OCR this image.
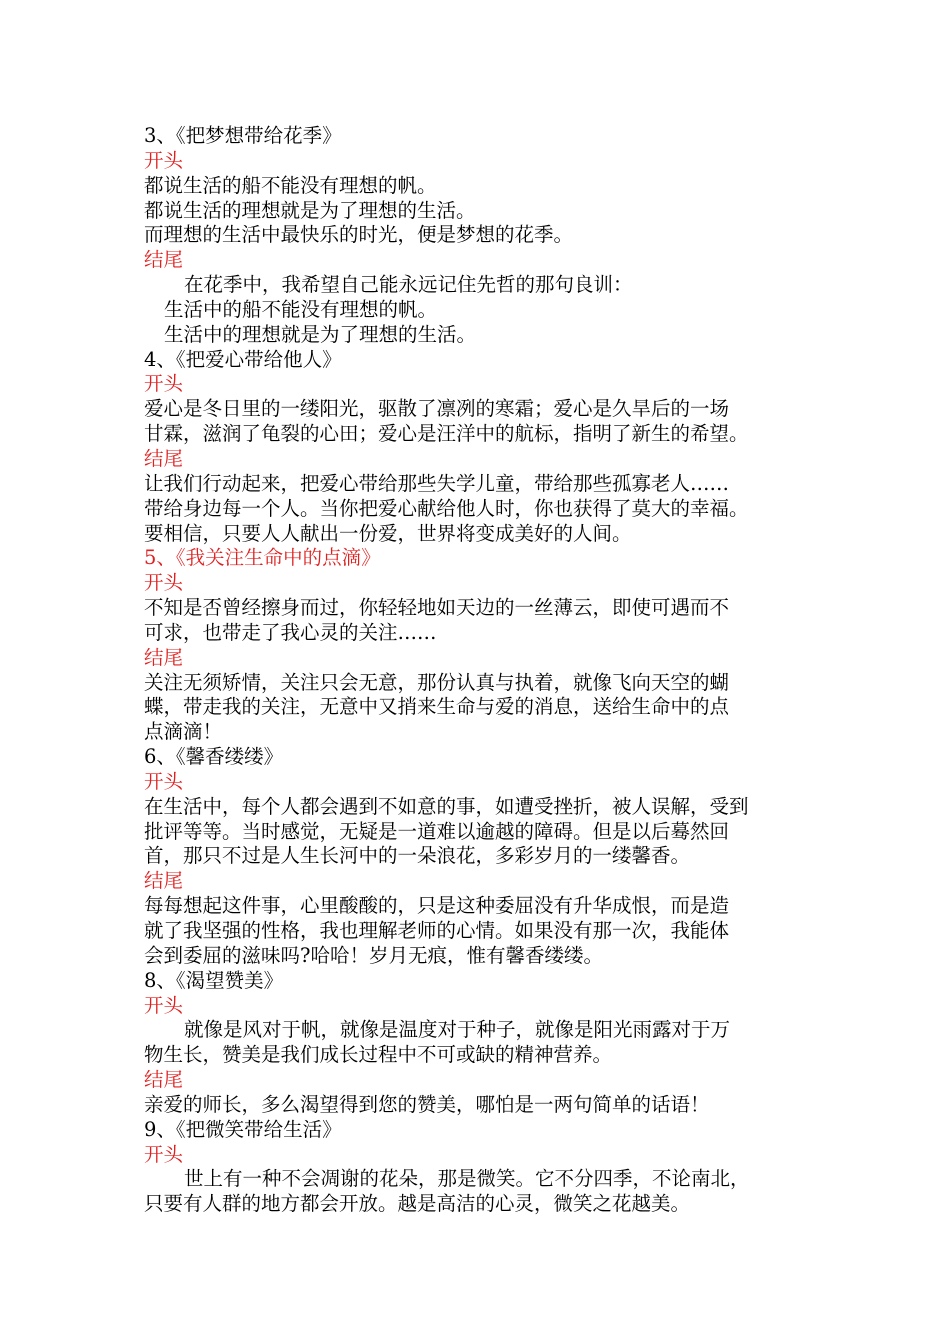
3、《把梦想带给花季》
开头
都说生活的船不能没有理想的帆。
都说生活的理想就是为了理想的生活。
而理想的生活中最快乐的时光，便是梦想的花季。
结尾
在花季中，我希望自己能永远记住先哲的那句良训：
生活中的船不能没有理想的帆。
生活中的理想就是为了理想的生活。
4、《把爱心带给他人》
开头
爱心是冬日里的一缕阳光，驱散了凛冽的寒霜；爱心是久旱后的一场
甘霖，滋润了龟裂的心田；爱心是汪洋中的航标，指明了新生的希望。
结尾
让我们行动起来，把爱心带给那些失学儿童，带给那些孤寡老人……
带给身边每一个人。当你把爱心献给他人时，你也获得了莫大的幸福。
要相信，只要人人献出一份爱，世界将变成美好的人间。
5、《我关注生命中的点滴》
开头
不知是否曾经擦身而过，你轻轻地如天边的一丝薄云，即使可遇而不
可求，也带走了我心灵的关注……
结尾
关注无须矫情，关注只会无意，那份认真与执着，就像飞向天空的蝴
蝶，带走我的关注，无意中又捎来生命与爱的消息，送给生命中的点
点滴滴！
6、《馨香缕缕》
开头
在生活中，每个人都会遇到不如意的事，如遭受挫折，被人误解，受到
批评等等。当时感觉，无疑是一道难以逾越的障碍。但是以后蓦然回
首，那只不过是人生长河中的一朵浪花，多彩岁月的一缕馨香。
结尾
每每想起这件事，心里酸酸的，只是这种委屈没有升华成恨，而是造
就了我坚强的性格，我也理解老师的心情。如果没有那一次，我能体
会到委屈的滋味吗?哈哈！岁月无痕，惟有馨香缕缕。
8、《渴望赞美》
开头
就像是风对于帆，就像是温度对于种子，就像是阳光雨露对于万
物生长，赞美是我们成长过程中不可或缺的精神营养。
结尾
亲爱的师长，多么渴望得到您的赞美，哪怕是一两句简单的话语！
9、《把微笑带给生活》
开头
世上有一种不会凋谢的花朵，那是微笑。它不分四季，不论南北，
只要有人群的地方都会开放。越是高洁的心灵，微笑之花越美。
